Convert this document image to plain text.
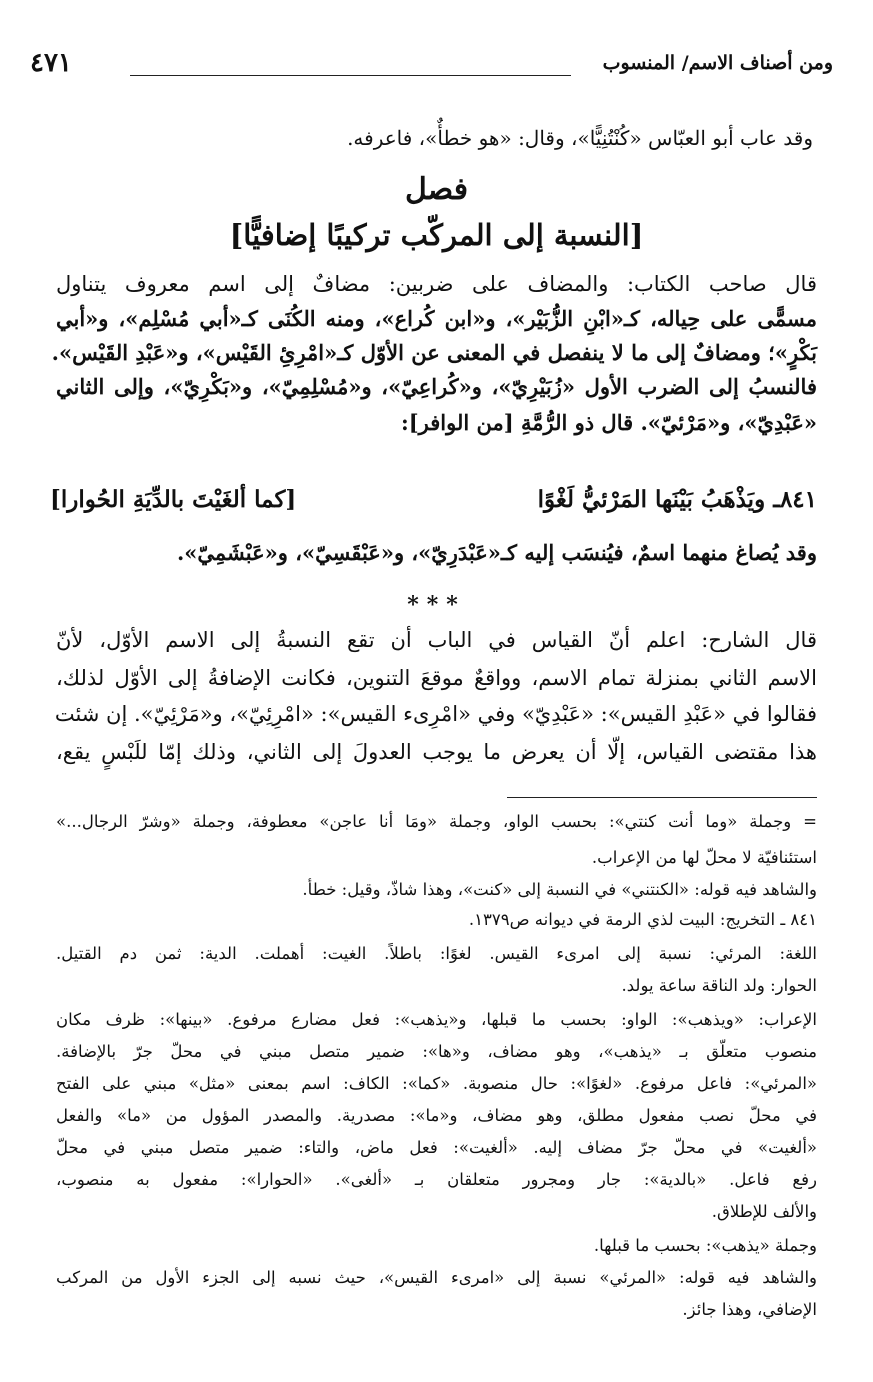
ومن أصناف الاسم/ المنسوب
٤٧١
وقد عاب أبو العبّاس «كُنْتُنِيًّا»، وقال: «هو خطأٌ»، فاعرفه.
فصل
[النسبة إلى المركّب تركيبًا إضافيًّا]
قال صاحب الكتاب: والمضاف على ضربين: مضافٌ إلى اسم معروف يتناول
مسمًّى على حِياله، كـ«ابْنِ الزُّبَيْر»، و«ابن كُراع»، ومنه الكُنَى كـ«أبي مُسْلِم»، و«أبي
بَكْرٍ»؛ ومضافٌ إلى ما لا ينفصل في المعنى عن الأوّل كـ«امْرِئِ القَيْس»، و«عَبْدِ القَيْس».
فالنسبُ إلى الضرب الأول «زُبَيْرِيّ»، و«كُراعِيّ»، و«مُسْلِمِيّ»، و«بَكْرِيّ»، وإلى الثاني
«عَبْدِيّ»، و«مَرْئيّ». قال ذو الرُّمَّةِ [من الوافر]:
٨٤١ـ ويَذْهَبُ بَيْنَها المَرْئيُّ لَغْوًا
[كما ألغَيْتَ بالدِّيَةِ الحُوارا]
وقد يُصاغ منهما اسمٌ، فيُنسَب إليه كـ«عَبْدَرِيّ»، و«عَبْقَسِيّ»، و«عَبْشَمِيّ».
***
قال الشارح: اعلم أنّ القياس في الباب أن تقع النسبةُ إلى الاسم الأوّل، لأنّ
الاسم الثاني بمنزلة تمام الاسم، وواقعٌ موقعَ التنوين، فكانت الإضافةُ إلى الأوّل لذلك،
فقالوا في «عَبْدِ القيس»: «عَبْدِيّ» وفي «امْرِىء القيس»: «امْرِئِيّ»، و«مَرْئِيّ». إن شئت
هذا مقتضى القياس، إلّا أن يعرض ما يوجب العدولَ إلى الثاني، وذلك إمّا للَبْسٍ يقع،
= وجملة «وما أنت كنتي»: بحسب الواو، وجملة «ومَا أنا عاجن» معطوفة، وجملة «وشرّ الرجال...»
استئنافيّة لا محلّ لها من الإعراب.
والشاهد فيه قوله: «الكنتني» في النسبة إلى «كنت»، وهذا شاذّ، وقيل: خطأ.
٨٤١ ـ التخريج: البيت لذي الرمة في ديوانه ص١٣٧٩.
اللغة: المرئي: نسبة إلى امرىء القيس. لغوًا: باطلاً. الغيت: أهملت. الدية: ثمن دم القتيل.
الحوار: ولد الناقة ساعة يولد.
الإعراب: «ويذهب»: الواو: بحسب ما قبلها، و«يذهب»: فعل مضارع مرفوع. «بينها»: ظرف مكان
منصوب متعلّق بـ «يذهب»، وهو مضاف، و«ها»: ضمير متصل مبني في محلّ جرّ بالإضافة.
«المرئي»: فاعل مرفوع. «لغوًا»: حال منصوبة. «كما»: الكاف: اسم بمعنى «مثل» مبني على الفتح
في محلّ نصب مفعول مطلق، وهو مضاف، و«ما»: مصدرية. والمصدر المؤول من «ما» والفعل
«ألغيت» في محلّ جرّ مضاف إليه. «ألغيت»: فعل ماض، والتاء: ضمير متصل مبني في محلّ
رفع فاعل. «بالدية»: جار ومجرور متعلقان بـ «ألغى». «الحوارا»: مفعول به منصوب،
والألف للإطلاق.
وجملة «يذهب»: بحسب ما قبلها.
والشاهد فيه قوله: «المرئي» نسبة إلى «امرىء القيس»، حيث نسبه إلى الجزء الأول من المركب
الإضافي، وهذا جائز.
